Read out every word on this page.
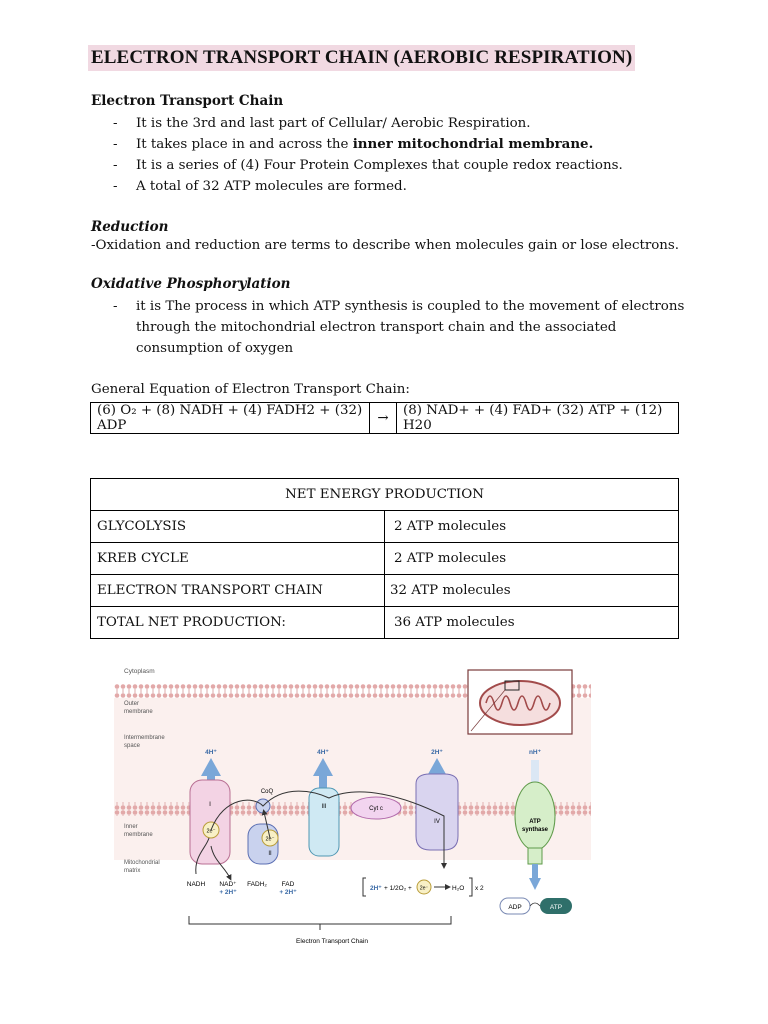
ELECTRON TRANSPORT CHAIN (AEROBIC RESPIRATION)
Electron Transport Chain
- It is the 3rd and last part of Cellular/ Aerobic Respiration.
- It takes place in and across the inner mitochondrial membrane.
- It is a series of (4) Four Protein Complexes that couple redox reactions.
- A total of 32 ATP molecules are formed.
Reduction
-Oxidation and reduction are terms to describe when molecules gain or lose electrons.
Oxidative Phosphorylation
- it is The process in which ATP synthesis is coupled to the movement of electrons
through the mitochondrial electron transport chain and the associated
consumption of oxygen
General Equation of Electron Transport Chain:
(6) O₂ + (8) NADH + (4) FADH2 + (32) ADP	→	(8) NAD+ + (4) FAD+ (32) ATP + (12) H20
NET ENERGY PRODUCTION	
GLYCOLYSIS	2 ATP molecules
KREB CYCLE	2 ATP molecules
ELECTRON TRANSPORT CHAIN	32 ATP molecules
TOTAL NET PRODUCTION:	36 ATP molecules
Cytoplasm
Outer
membrane
Intermembrane
space
Inner
membrane
Mitochondrial
matrix
4H⁺	4H⁺	2H⁺	nH⁺
I
2e⁻
CoQ
2e⁻
II
III	Cyt c
IV	ATP
synthase
NADH NAD⁺
+ 2H⁺
FADH₂ FAD
+ 2H⁺
2H⁺ + 1/2O₂ + 2e⁻	H₂O x 2
ADP	ATP
Electron Transport Chain
